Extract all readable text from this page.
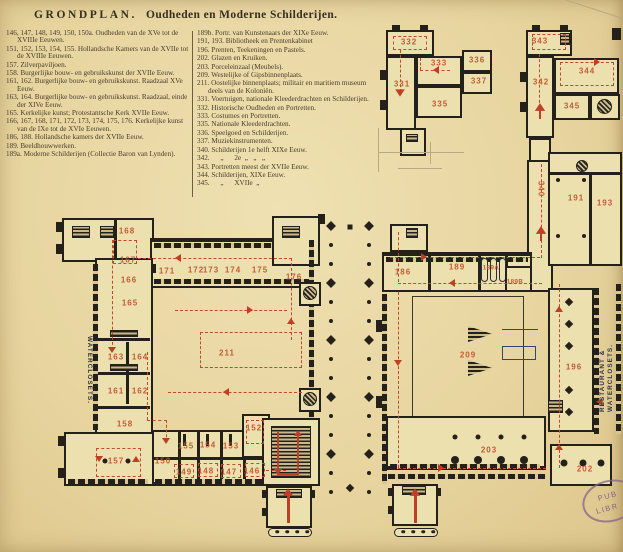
GRONDPLAN. Oudheden en Moderne Schilderijen.
146, 147, 148, 149, 150, 150a. Oudheden van de XVe tot de XVIIIe Eeuwen.
151, 152, 153, 154, 155. Hollandsche Kamers van de XVIIe tot de XVIIIe Eeuwen.
157. Zilverpaviljoen.
158. Burgerlijke bouw- en gebruikskunst der XVIIe Eeuw.
161, 162. Burgerlijke bouw- en gebruikskunst. Raadzaal XVe Eeuw.
163, 164. Burgerlijke bouw- en gebruikskunst. Raadzaal, einde der XIVe Eeuw.
165. Kerkelijke kunst; Protestantsche Kerk XVIIe Eeuw.
166, 167, 168, 171, 172, 173, 174, 175, 176. Kerkelijke kunst van de IXe tot de XVIe Eeuwen.
186, 188. Hollandsche kamers der XVIIe Eeuw.
189. Beeldhouwwerken.
189a. Moderne Schilderijen (Collectie Baron van Lynden).
189b. Portr. van Kunstenaars der XIXe Eeuw.
191, 193. Bibliotheek en Prentenkabinet
196. Prenten, Teekeningen en Pastels.
202. Glazen en Kruiken.
203. Porceleinzaal (Meubels).
209. Westelijke of Gipsbinnenplaats.
211. Oostelijke binnenplaats; militair en maritiem museum deels van de Koloniën.
331. Voertuigen, nationale Kleederdrachten en Schilderijen.
332. Historische Oudheden en Portretten.
333. Costumes en Portretten.
335. Nationale Kleederdrachten.
336. Speelgoed en Schilderijen.
337. Muziekinstrumenten.
340. Schilderijen 1e helft XIXe Eeuw.
342.      „      2e  „   „   „
343. Portretten meest der XVIIe Eeuw.
344. Schilderijen, XIXe Eeuw.
345.      „      XVIIe  „
168
167
166
165
163 164
161 162
158
171 172
173 174 175
176
211
157	150
155 154 153
152
149 148 147 146
332
331
333	336
337
335
343
342
344
345
340
191
193
186
189	189A
189B
209
196
203
202
WATERCLOSETS.	RESTAURANT & WATERCLOSETS.
PUB
LIBR
